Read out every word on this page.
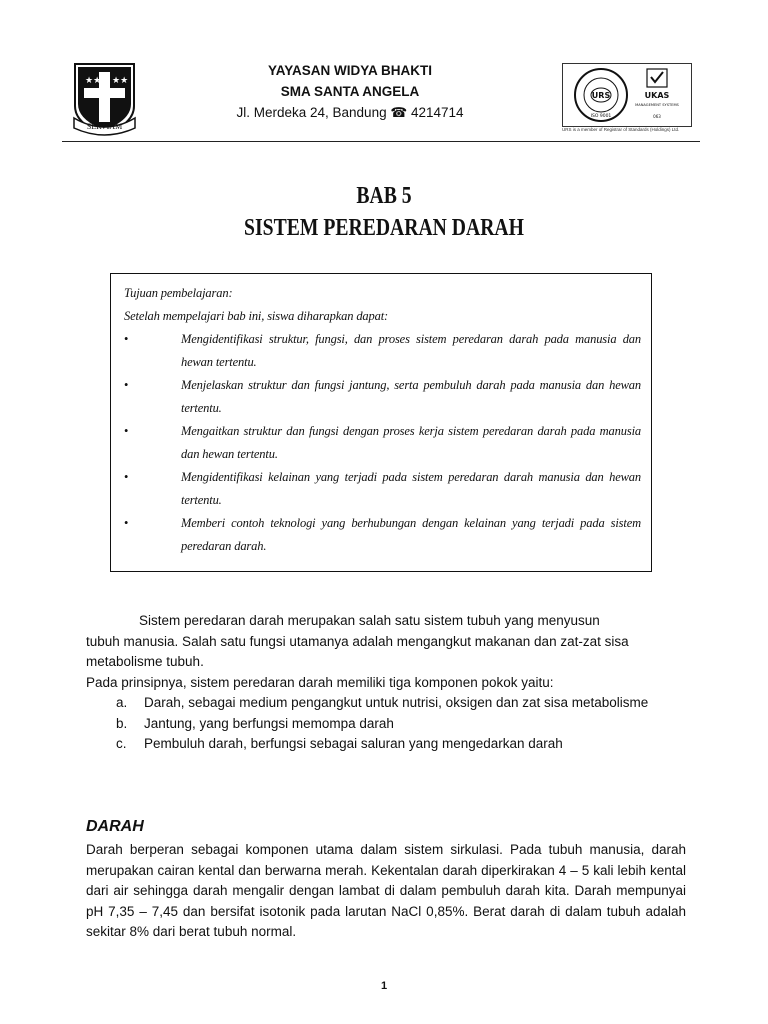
★★ ★★
SERVIAM
YAYASAN WIDYA BHAKTI
SMA SANTA ANGELA
Jl. Merdeka 24, Bandung ☎ 4214714
URS
ISO 9001
UKAS
MANAGEMENT SYSTEMS
063
URS is a member of Registrar of Standards (Holdings) Ltd.
BAB 5
SISTEM PEREDARAN DARAH
Tujuan pembelajaran:
Setelah mempelajari bab ini, siswa diharapkan dapat:
•	Mengidentifikasi struktur, fungsi, dan proses sistem peredaran darah pada manusia dan hewan tertentu.
•	Menjelaskan struktur dan fungsi jantung, serta pembuluh darah pada manusia dan hewan tertentu.
•	Mengaitkan struktur dan fungsi dengan proses kerja sistem peredaran darah pada manusia dan hewan tertentu.
•	Mengidentifikasi kelainan yang terjadi pada sistem peredaran darah manusia dan hewan tertentu.
•	Memberi contoh teknologi yang berhubungan dengan kelainan yang terjadi pada sistem peredaran darah.
Sistem peredaran darah merupakan salah satu sistem tubuh yang menyusun
tubuh manusia. Salah satu fungsi utamanya adalah mengangkut makanan dan zat-zat sisa metabolisme tubuh.
Pada prinsipnya, sistem peredaran darah memiliki tiga komponen pokok yaitu:
a. Darah, sebagai medium pengangkut untuk nutrisi, oksigen dan zat sisa metabolisme
b. Jantung, yang berfungsi memompa darah
c. Pembuluh darah, berfungsi sebagai saluran yang mengedarkan darah
DARAH
Darah berperan sebagai komponen utama dalam sistem sirkulasi. Pada tubuh manusia, darah merupakan cairan kental dan berwarna merah. Kekentalan darah diperkirakan 4 – 5 kali lebih kental dari air sehingga darah mengalir dengan lambat di dalam pembuluh darah kita. Darah mempunyai pH 7,35 – 7,45 dan bersifat isotonik pada larutan NaCl 0,85%. Berat darah di dalam tubuh adalah sekitar 8% dari berat tubuh normal.
1
